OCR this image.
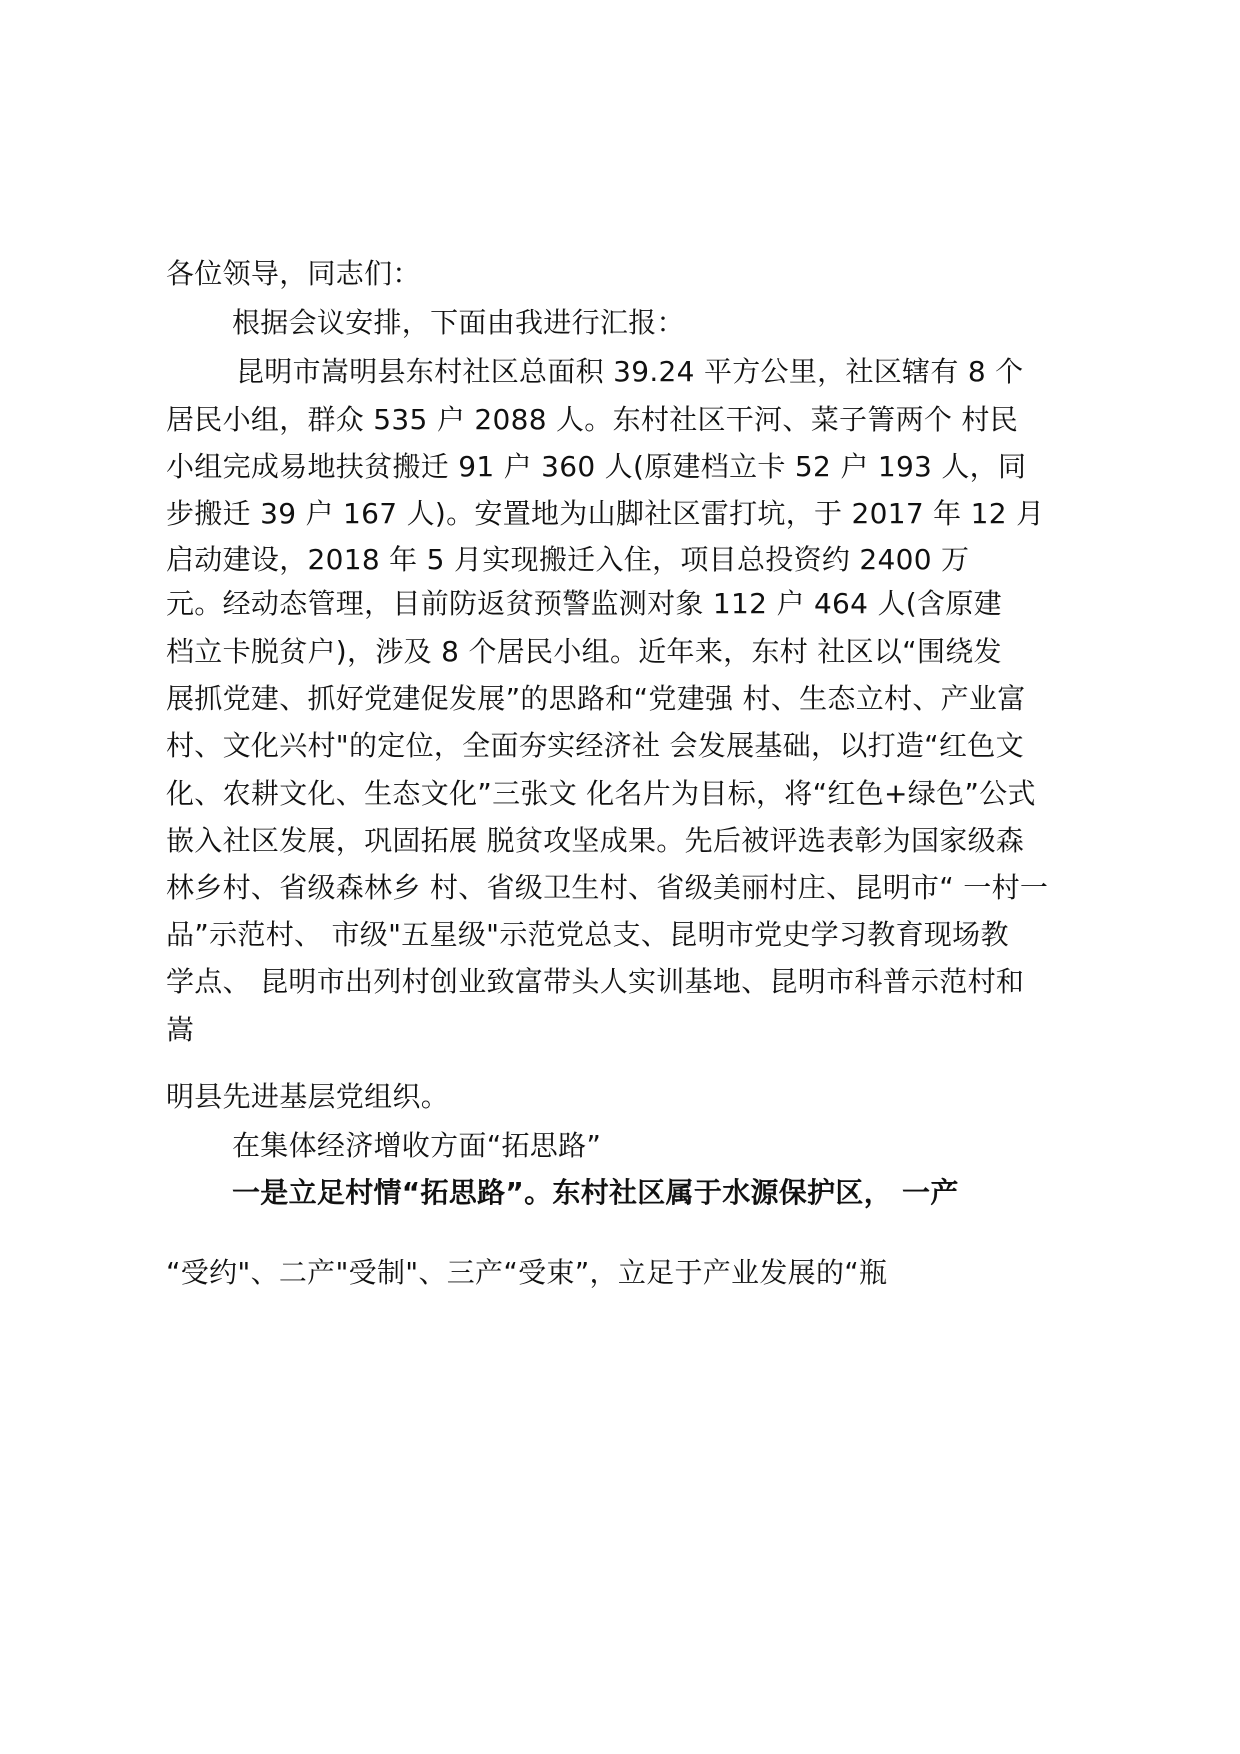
各位领导，同志们：
根据会议安排，下面由我进行汇报：
昆明市嵩明县东村社区总面积 39.24 平方公里，社区辖有 8 个
居民小组，群众 535 户 2088 人。东村社区干河、菜子箐两个 村民
小组完成易地扶贫搬迁 91 户 360 人(原建档立卡 52 户 193 人，同
步搬迁 39 户 167 人)。安置地为山脚社区雷打坑，于 2017 年 12 月
启动建设，2018 年 5 月实现搬迁入住，项目总投资约 2400 万
元。经动态管理，目前防返贫预警监测对象 112 户 464 人(含原建
档立卡脱贫户)，涉及 8 个居民小组。近年来，东村 社区以“围绕发
展抓党建、抓好党建促发展”的思路和“党建强 村、生态立村、产业富
村、文化兴村"的定位，全面夯实经济社 会发展基础，以打造“红色文
化、农耕文化、生态文化”三张文 化名片为目标，将“红色+绿色”公式
嵌入社区发展，巩固拓展 脱贫攻坚成果。先后被评选表彰为国家级森
林乡村、省级森林乡 村、省级卫生村、省级美丽村庄、昆明市“ 一村一
品”示范村、 市级"五星级"示范党总支、昆明市党史学习教育现场教
学点、 昆明市出列村创业致富带头人实训基地、昆明市科普示范村和
嵩
明县先进基层党组织。
在集体经济增收方面“拓思路”
一是立足村情“拓思路”。东村社区属于水源保护区， 一产
“受约"、二产"受制"、三产“受束”，立足于产业发展的“瓶
